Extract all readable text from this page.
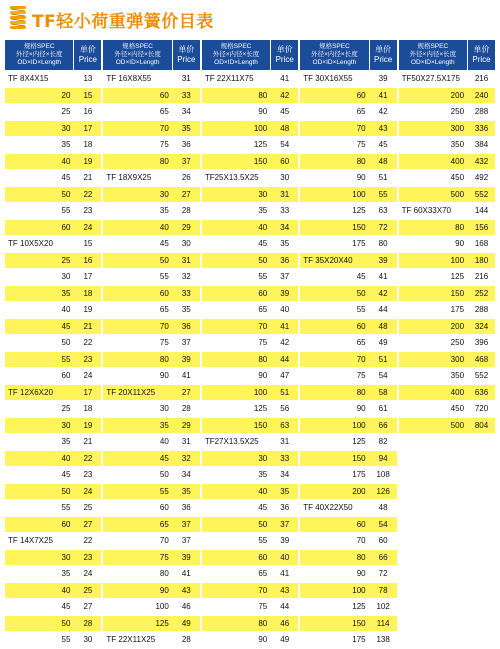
TF轻小荷重弹簧价目表
规格SPEC
外径×内径×长度
OD×ID×Length
单价
Price
TF 8X4X15	13
20	15
25	16
30	17
35	18
40	19
45	21
50	22
55	23
60	24
TF 10X5X20	15
25	16
30	17
35	18
40	19
45	21
50	22
55	23
60	24
TF 12X6X20	17
25	18
30	19
35	21
40	22
45	23
50	24
55	25
60	27
TF 14X7X25	22
30	23
35	24
40	25
45	27
50	28
55	30
规格SPEC
外径×内径×长度
OD×ID×Length
单价
Price
TF 16X8X55	31
60	33
65	34
70	35
75	36
80	37
TF 18X9X25	26
30	27
35	28
40	29
45	30
50	31
55	32
60	33
65	35
70	36
75	37
80	39
90	41
TF 20X11X25	27
30	28
35	29
40	31
45	32
50	34
55	35
60	36
65	37
70	37
75	39
80	41
90	43
100	46
125	49
TF 22X11X25	28
规格SPEC
外径×内径×长度
OD×ID×Length
单价
Price
TF 22X11X75	41
80	42
90	45
100	48
125	54
150	60
TF25X13.5X25	30
30	31
35	33
40	34
45	35
50	36
55	37
60	39
65	40
70	41
75	42
80	44
90	47
100	51
125	56
150	63
TF27X13.5X25	31
30	33
35	34
40	35
45	36
50	37
55	39
60	40
65	41
70	43
75	44
80	46
90	49
规格SPEC
外径×内径×长度
OD×ID×Length
单价
Price
TF 30X16X55	39
60	41
65	42
70	43
75	45
80	48
90	51
100	55
125	63
150	72
175	80
TF 35X20X40	39
45	41
50	42
55	44
60	48
65	49
70	51
75	54
80	58
90	61
100	66
125	82
150	94
175	108
200	126
TF 40X22X50	48
60	54
70	60
80	66
90	72
100	78
125	102
150	114
175	138
规格SPEC
外径×内径×长度
OD×ID×Length
单价
Price
TF50X27.5X175	216
200	240
250	288
300	336
350	384
400	432
450	492
500	552
TF 60X33X70	144
80	156
90	168
100	180
125	216
150	252
175	288
200	324
250	396
300	468
350	552
400	636
450	720
500	804
